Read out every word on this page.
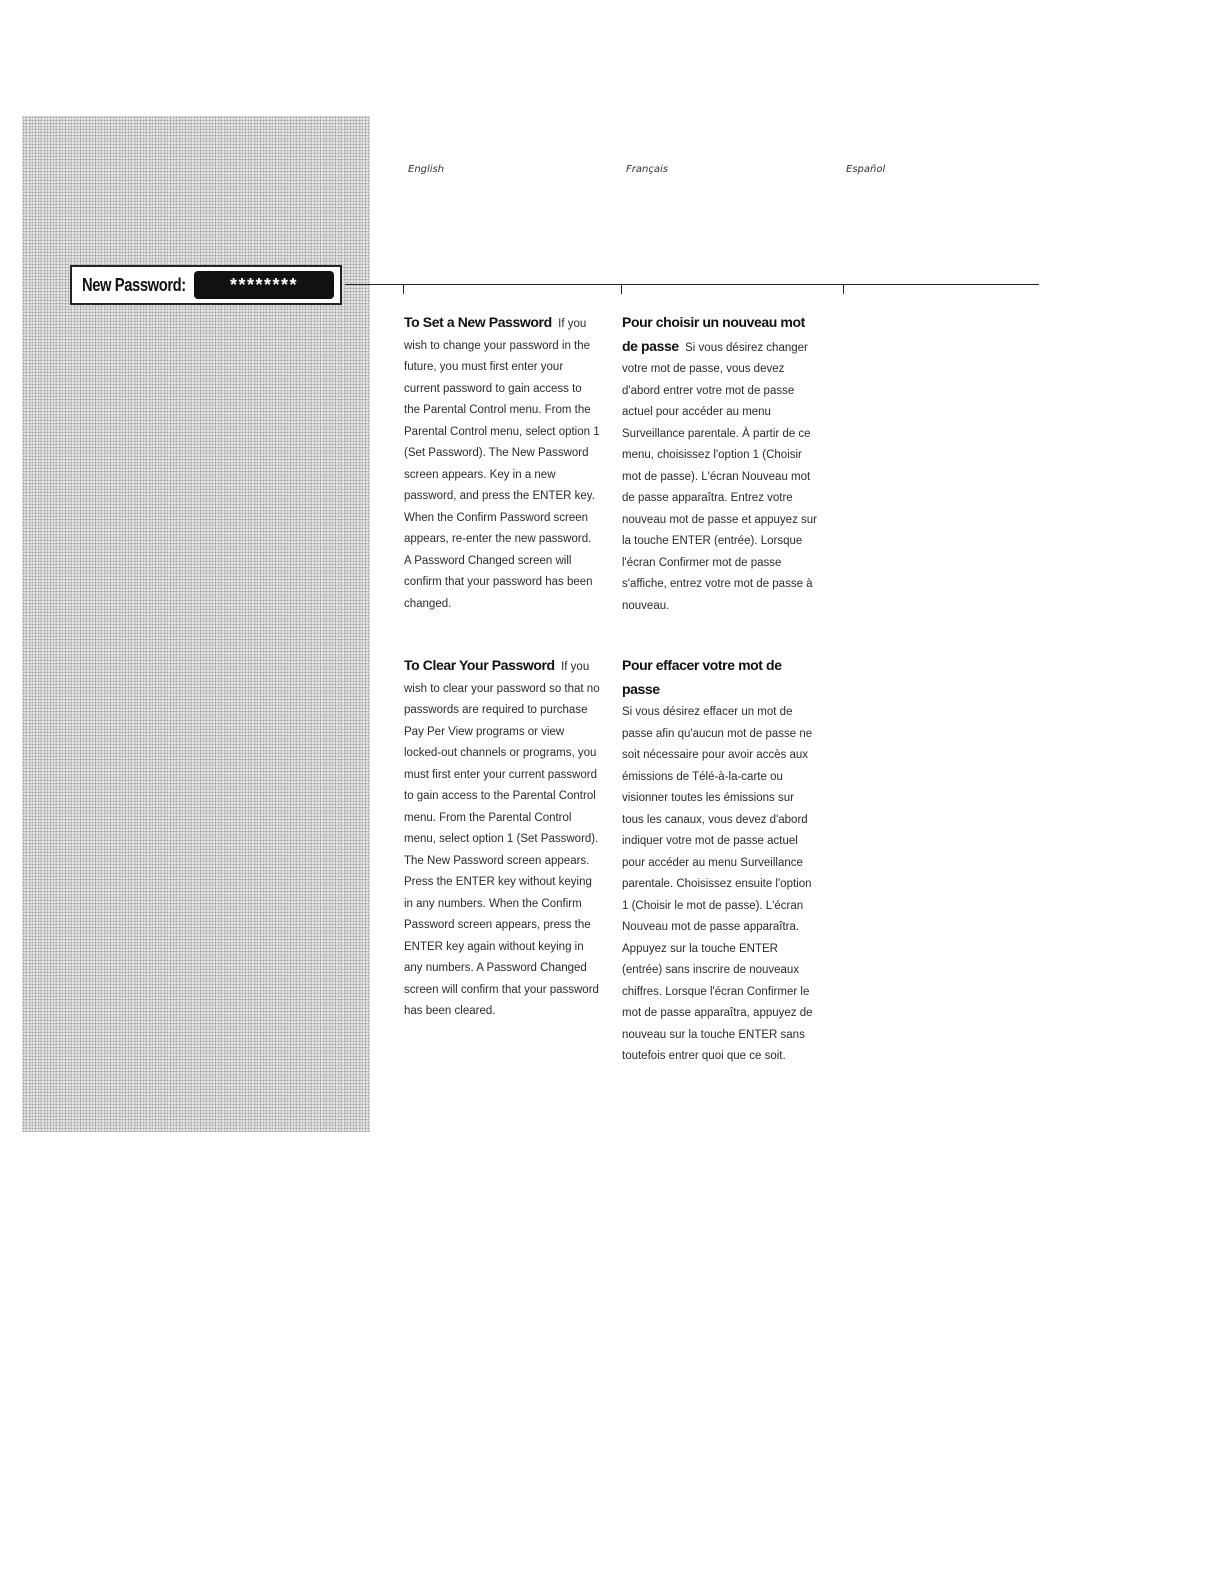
New Password:	********
English	Français	Español

To Set a New Password If you wish to change your password in the future, you must first enter your current password to gain access to the Parental Control menu. From the Parental Control menu, select option 1 (Set Password). The New Password screen appears. Key in a new password, and press the ENTER key. When the Confirm Password screen appears, re-enter the new password. A Password Changed screen will confirm that your password has been changed.

To Clear Your Password If you wish to clear your password so that no passwords are required to purchase Pay Per View programs or view locked-out channels or programs, you must first enter your current password to gain access to the Parental Control menu. From the Parental Control menu, select option 1 (Set Password). The New Password screen appears. Press the ENTER key without keying in any numbers. When the Confirm Password screen appears, press the ENTER key again without keying in any numbers. A Password Changed screen will confirm that your password has been cleared.

Pour choisir un nouveau mot de passe Si vous désirez changer votre mot de passe, vous devez d'abord entrer votre mot de passe actuel pour accéder au menu Surveillance parentale. À partir de ce menu, choisissez l'option 1 (Choisir mot de passe). L'écran Nouveau mot de passe apparaîtra. Entrez votre nouveau mot de passe et appuyez sur la touche ENTER (entrée). Lorsque l'écran Confirmer mot de passe s'affiche, entrez votre mot de passe à nouveau.

Pour effacer votre mot de passe
Si vous désirez effacer un mot de passe afin qu'aucun mot de passe ne soit nécessaire pour avoir accès aux émissions de Télé-à-la-carte ou visionner toutes les émissions sur tous les canaux, vous devez d'abord indiquer votre mot de passe actuel pour accéder au menu Surveillance parentale. Choisissez ensuite l'option 1 (Choisir le mot de passe). L'écran Nouveau mot de passe apparaîtra. Appuyez sur la touche ENTER (entrée) sans inscrire de nouveaux chiffres. Lorsque l'écran Confirmer le mot de passe apparaîtra, appuyez de nouveau sur la touche ENTER sans toutefois entrer quoi que ce soit.
